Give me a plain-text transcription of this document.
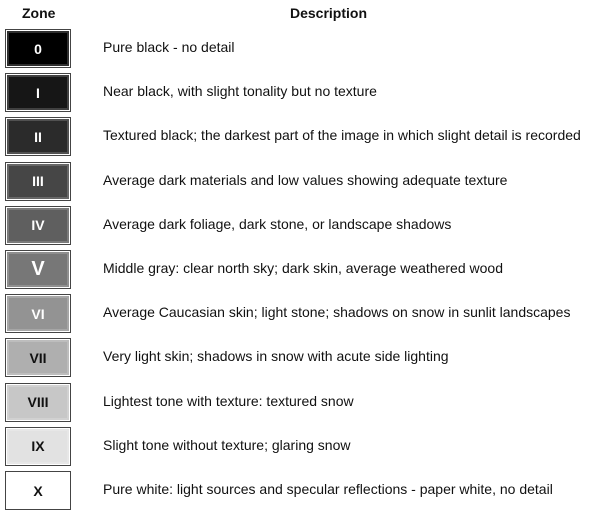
Zone	Description
0	Pure black - no detail
I	Near black, with slight tonality but no texture
II	Textured black; the darkest part of the image in which slight detail is recorded
III	Average dark materials and low values showing adequate texture
IV	Average dark foliage, dark stone, or landscape shadows
V	Middle gray: clear north sky; dark skin, average weathered wood
VI	Average Caucasian skin; light stone; shadows on snow in sunlit landscapes
VII	Very light skin; shadows in snow with acute side lighting
VIII	Lightest tone with texture: textured snow
IX	Slight tone without texture; glaring snow
X	Pure white: light sources and specular reflections - paper white, no detail
